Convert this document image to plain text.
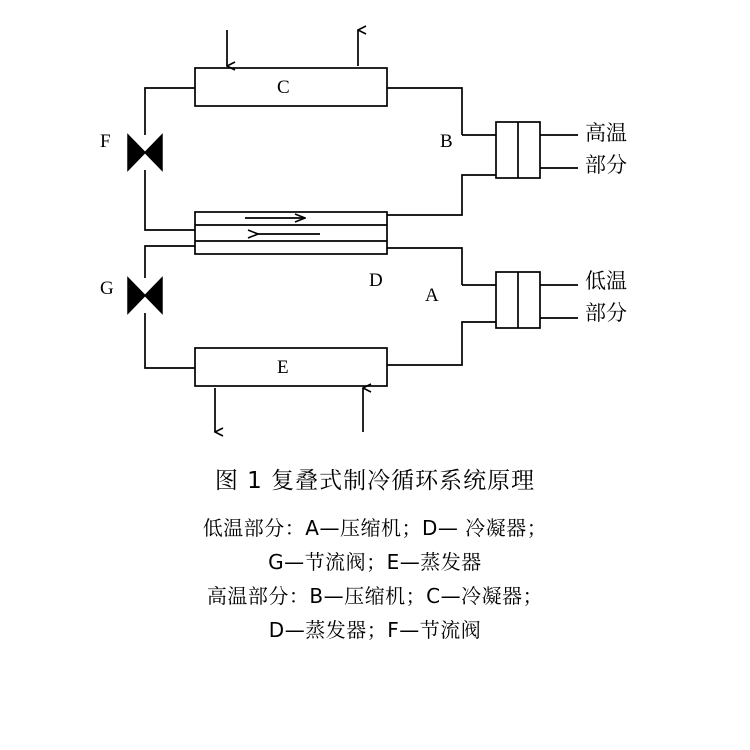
C
B
F
D
A
G
E
高温
部分
低温
部分
图 1 复叠式制冷循环系统原理
低温部分：A—压缩机；D— 冷凝器；
G—节流阀；E—蒸发器
高温部分：B—压缩机；C—冷凝器；
D—蒸发器；F—节流阀
